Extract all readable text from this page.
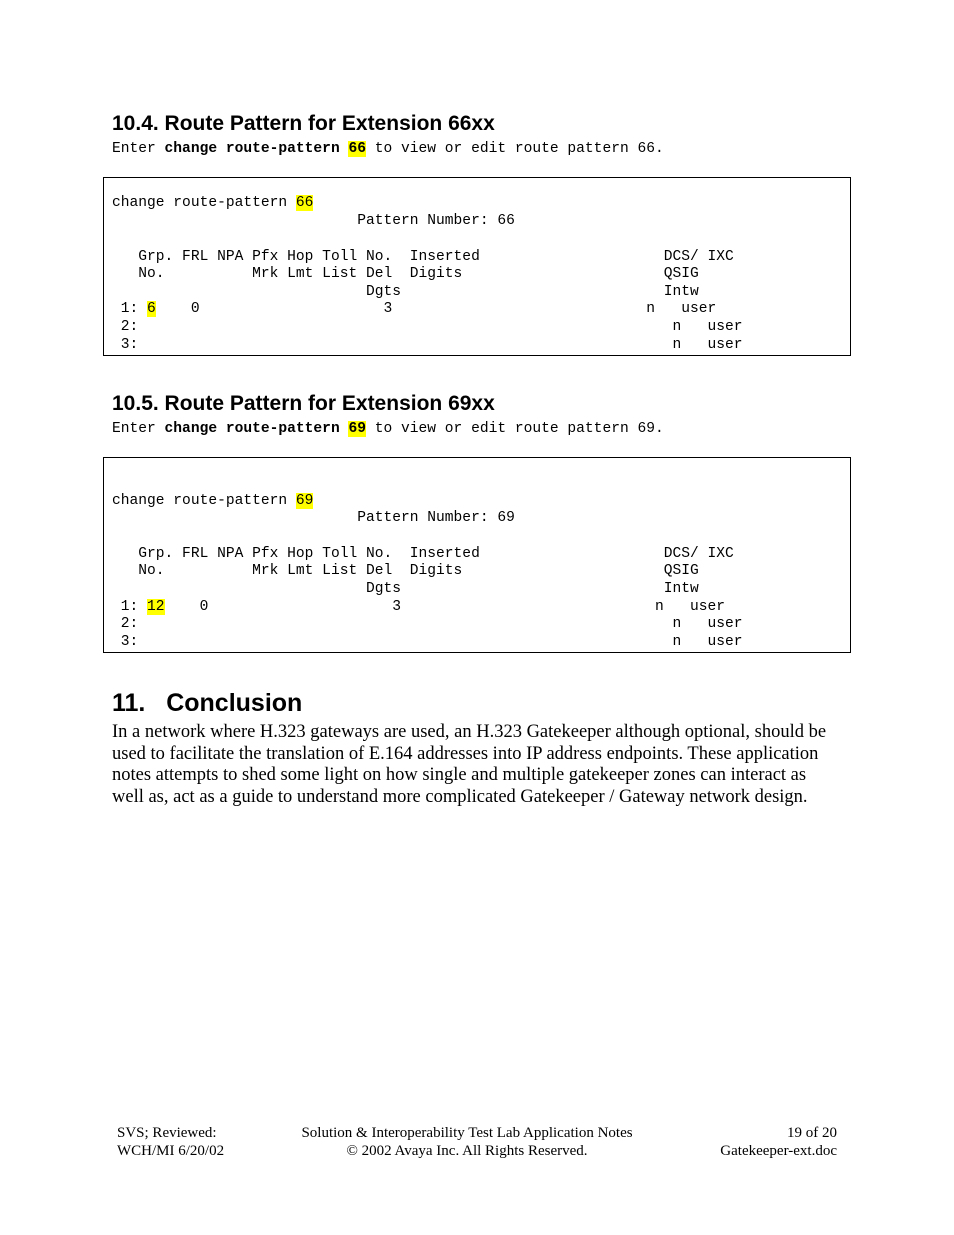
10.4. Route Pattern for Extension 66xx
Enter change route-pattern 66 to view or edit route pattern 66.

change route-pattern 66

Pattern Number: 66

Grp. FRL NPA Pfx Hop Toll No.  Inserted                     DCS/ IXC

No.          Mrk Lmt List Del  Digits                       QSIG

Dgts                              Intw

1: 6    0                     3                             n   user

2:                                                             n   user

3:                                                             n   user

10.5. Route Pattern for Extension 69xx
Enter change route-pattern 69 to view or edit route pattern 69.

change route-pattern 69

Pattern Number: 69

Grp. FRL NPA Pfx Hop Toll No.  Inserted                     DCS/ IXC

No.          Mrk Lmt List Del  Digits                       QSIG

Dgts                              Intw

1: 12    0                     3                             n   user

2:                                                             n   user

3:                                                             n   user

11.   Conclusion

In a network where H.323 gateways are used, an H.323 Gatekeeper although optional, should be

used to facilitate the translation of E.164 addresses into IP address endpoints. These application

notes attempts to shed some light on how single and multiple gatekeeper zones can interact as

well as, act as a guide to understand more complicated Gatekeeper / Gateway network design.

SVS; Reviewed:
WCH/MI 6/20/02
Solution & Interoperability Test Lab Application Notes
© 2002 Avaya Inc. All Rights Reserved.
19 of 20
Gatekeeper-ext.doc
